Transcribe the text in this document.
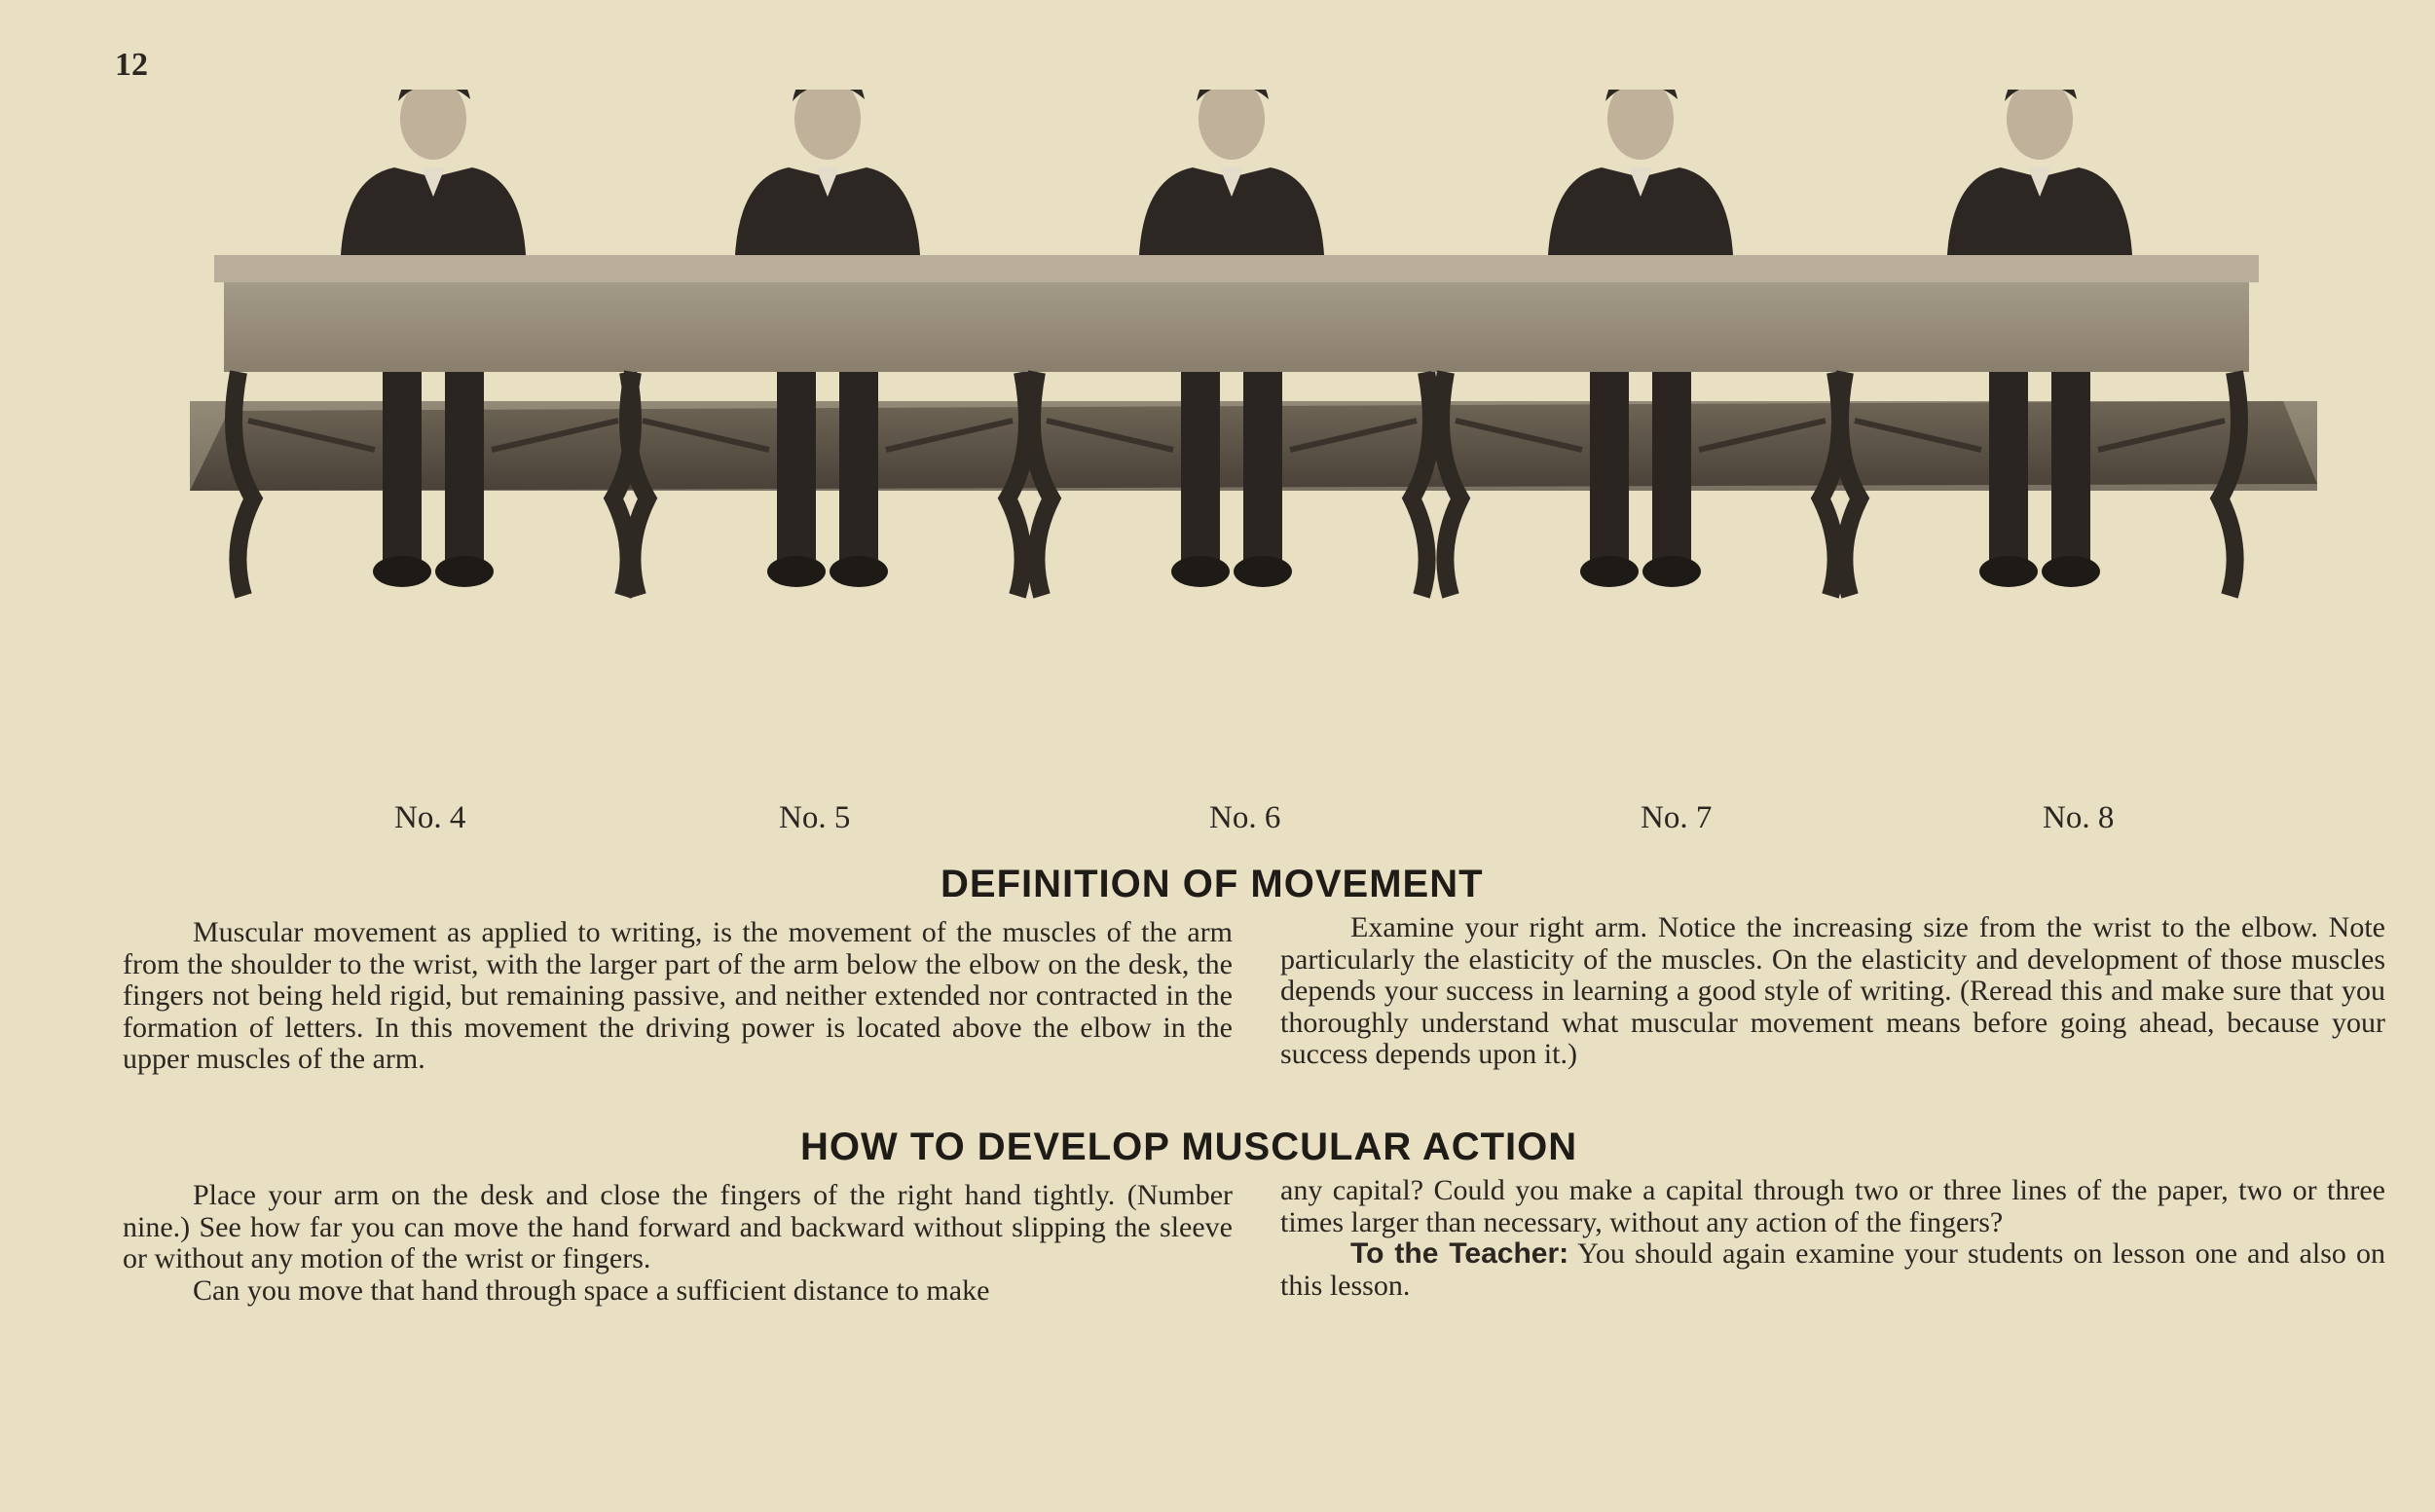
12
No. 4	No. 5	No. 6	No. 7	No. 8
DEFINITION OF MOVEMENT

Muscular movement as applied to writing, is the movement of the muscles of the arm from the shoulder to the wrist, with the larger part of the arm below the elbow on the desk, the fingers not being held rigid, but remaining passive, and neither extended nor contracted in the formation of letters. In this movement the driving power is located above the elbow in the upper muscles of the arm.

Examine your right arm. Notice the increasing size from the wrist to the elbow. Note particularly the elasticity of the muscles. On the elasticity and development of those muscles depends your success in learning a good style of writing. (Reread this and make sure that you thoroughly understand what muscular movement means before going ahead, because your success depends upon it.)

HOW TO DEVELOP MUSCULAR ACTION

Place your arm on the desk and close the fingers of the right hand tightly. (Number nine.) See how far you can move the hand forward and backward without slipping the sleeve or without any motion of the wrist or fingers.

Can you move that hand through space a sufficient distance to make

any capital? Could you make a capital through two or three lines of the paper, two or three times larger than necessary, without any action of the fingers?

To the Teacher: You should again examine your students on lesson one and also on this lesson.
